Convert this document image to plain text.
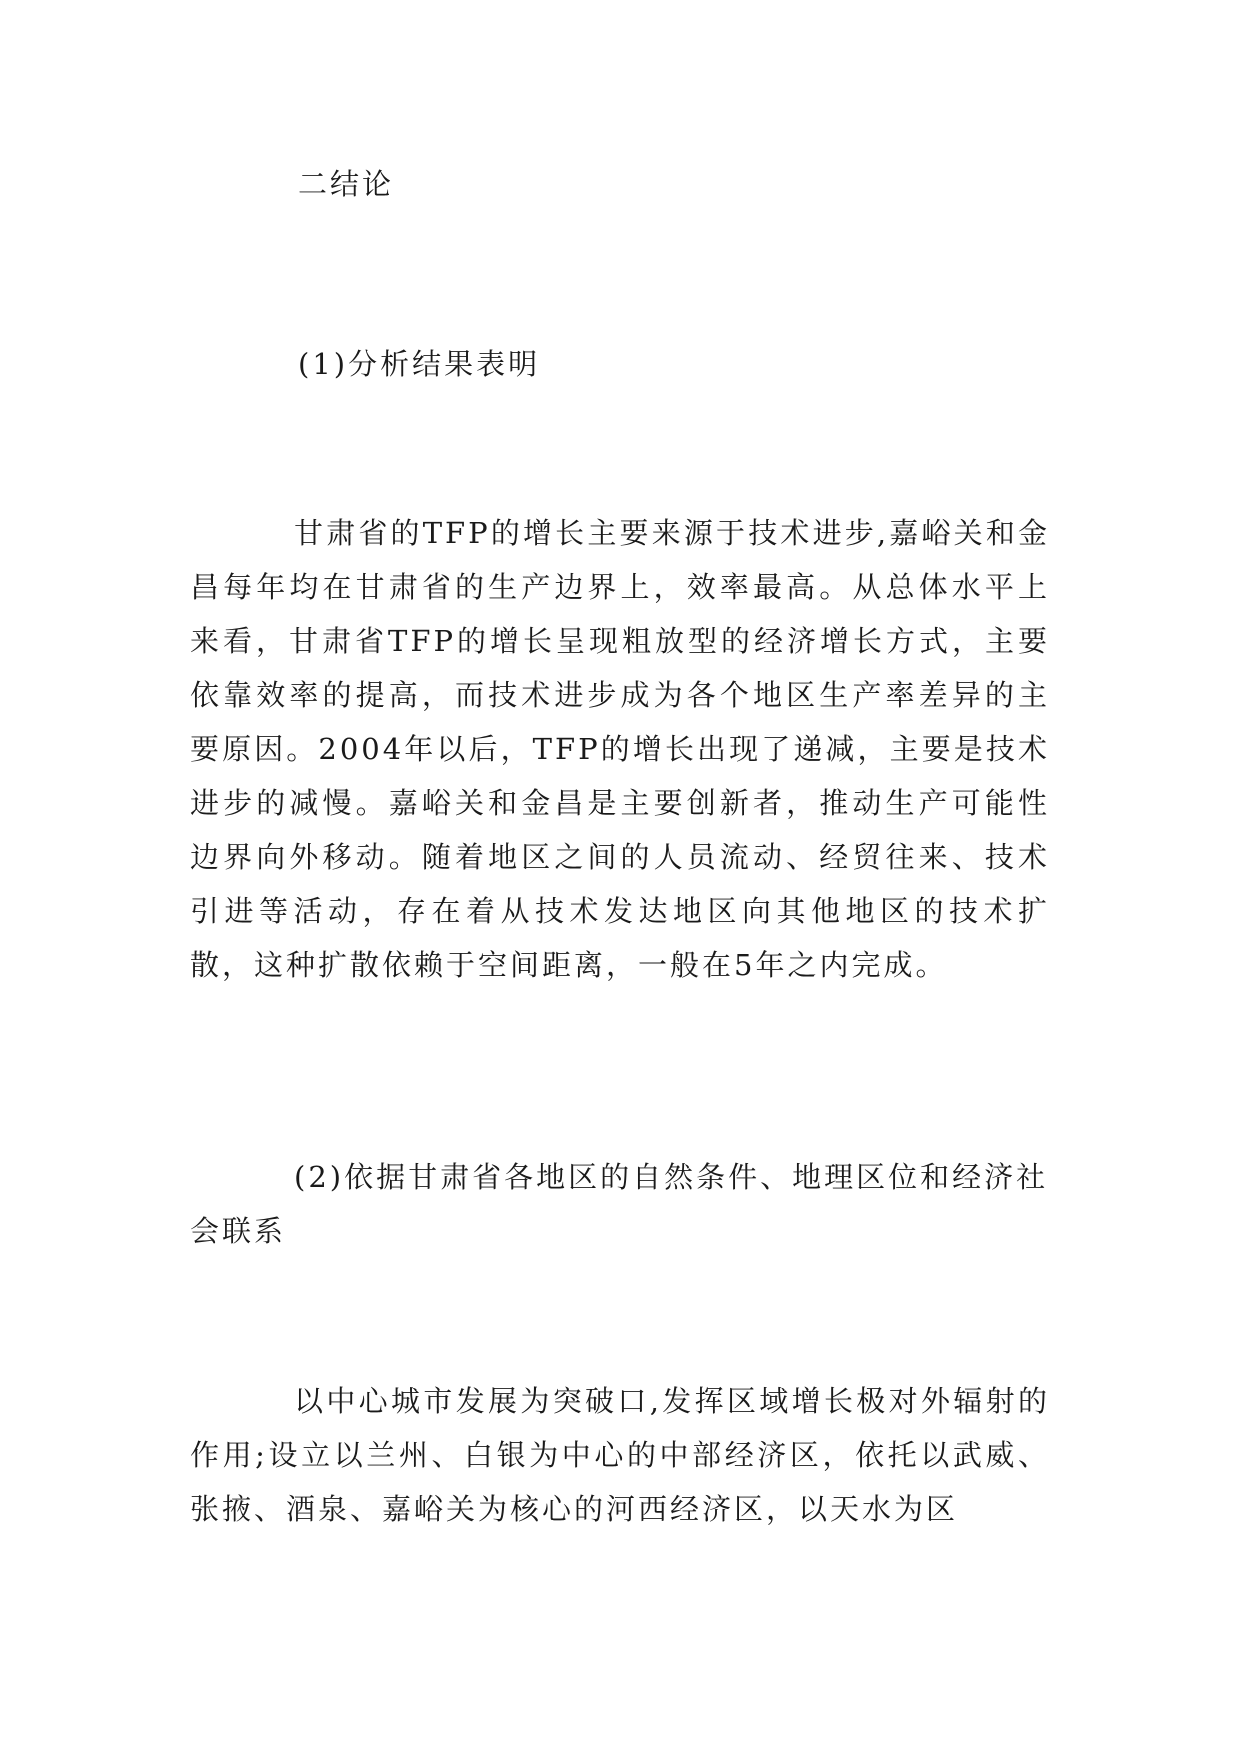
二结论

(1)分析结果表明

甘肃省的TFP的增长主要来源于技术进步,嘉峪关和金昌每年均在甘肃省的生产边界上，效率最高。从总体水平上来看，甘肃省TFP的增长呈现粗放型的经济增长方式，主要依靠效率的提高，而技术进步成为各个地区生产率差异的主要原因。2004年以后，TFP的增长出现了递减，主要是技术进步的减慢。嘉峪关和金昌是主要创新者，推动生产可能性边界向外移动。随着地区之间的人员流动、经贸往来、技术引进等活动，存在着从技术发达地区向其他地区的技术扩散，这种扩散依赖于空间距离，一般在5年之内完成。

(2)依据甘肃省各地区的自然条件、地理区位和经济社会联系

以中心城市发展为突破口,发挥区域增长极对外辐射的作用;设立以兰州、白银为中心的中部经济区，依托以武威、张掖、酒泉、嘉峪关为核心的河西经济区，以天水为区
